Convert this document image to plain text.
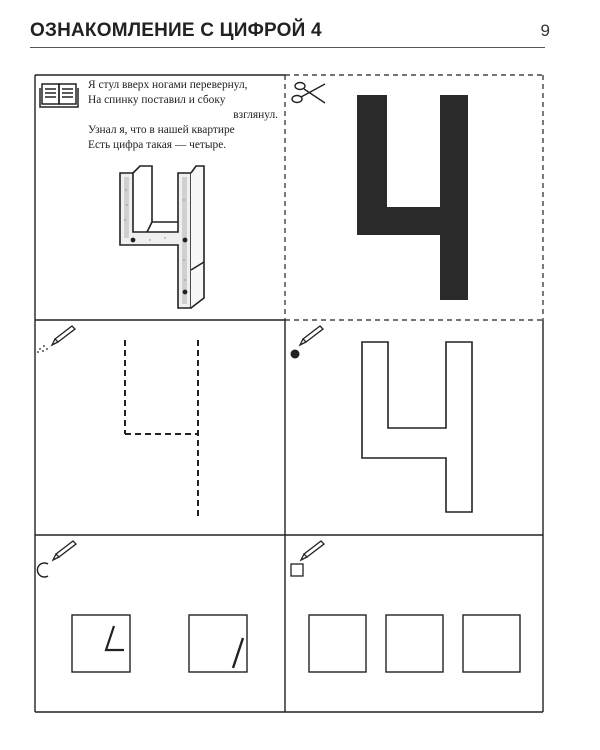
ОЗНАКОМЛЕНИЕ С ЦИФРОЙ 4	9
Я стул вверх ногами перевернул,
На спинку поставил и сбоку
взглянул.
Узнал я, что в нашей квартире
Есть цифра такая — четыре.
